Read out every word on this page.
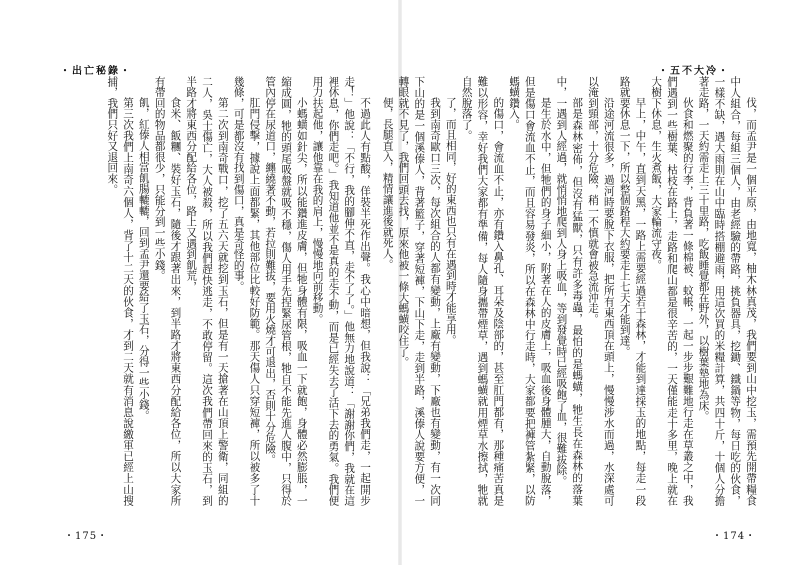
・出亡秘錄・

不過此人有點酸，佯裝半死作出聲。我心中暗想，但我說：「兄弟我們走，一起開步走！」他說：「不行，我的腳伸不直，走不了了。」他無力地說道：「謝謝你們，我就在這裡休息，你們走吧。」我知道他並不是真的走不動，而是已經失去了活下去的勇氣。我們便用力扶起他，讓他靠在我的肩上，慢慢地向前移動。

小螞蟥如針尖，所以能鑽進皮膚，但牠身體有限，吸血一下就飽，身體必然膨脹，一縮成圓，牠的頭尾吸盤就吸不穩，傷人用手先捏緊尿管根，牠自不能先進人腹中，只得於管內停在尿道口，纏繞著不動，若拉則難拔，要用火燒才可退出，否則十分危險。

肛門侵擊，據說上面都緊，其他部位比較好防範。那天傷人只穿短褲，所以被多了十幾條，可是都沒有找到傷口，真是奇怪的事。

第二次到南奇戰口，挖了五六天就挖到玉石，但是有一天搶著在山頂上警衛，同組的二人，吳士傷亡，大人被殺，所以我們趕快逃走，不敢停留。這次我們帶回來的玉石，到半路才將東西分配給各位，路上又遇到飢荒，

食米、飯糰、裝好玉石，隨後才跟著出來，到半路才將東西分配給各位，所以大家所有帶回的物品都很少，只能分到一些小錢。

飢，紅傣人相當飢腸轆轆，回到孟尹還要給了玉石，分得一些小錢。

第三次我們上南奇六個人，背了十二天的伙食，才到二天就有消息說繳軍已經上山搜捕，我們只好又退回來。

・175・
・五不大冷・

伐，而孟尹是一個平原，由地寬，柚木林真茂，我們要到山中挖玉，需預先開帶糧食中人組合，每組三個人，由老經驗的帶路，挑負器具，挖鋤、鐵鍋等物，每日吃的伙食，一樣不缺，遇大雨則在山中臨時搭棚避雨，用這次買的米糧計算，共四十斤，十個人分擔著走路，一天約需走上三十里路，吃飯睡覺都在野外，以樹葉墊地為床。

伙食和燃聚的行李，背負著一條棉被、蚊帳，一起一步步艱難地行走在草叢之中，我們遇到一些樹葉、枯枝在路上，走路和爬山都是很辛苦的，一天僅能走十多里，晚上就在大樹下休息，生火煮飯，大家輪流守夜。

早上，中午，直到天黑，一路上需要經過若干森林，才能到達採玉的地點，每走一段路就要休息一下，所以整個路程大約要走上七天才能到達。

沿途河流很多，過河時要脫下衣服，把所有東西頂在頭上，慢慢涉水而過，水深處可以淹到頸部，十分危險，稍一不慎就會被急流沖走。

部是森林密佈，但沒有猛獸，只有許多毒蟲，最怕的是螞蟥，牠生長在森林的落葉中，一遇到人經過，就悄悄地爬到人身上吸血，等到發覺時已經吸飽了血，很難拔除。

是生於水中，但牠們的身子細小，附著在人的皮膚上，吸血後身體腫大，自動脫落，但是傷口會流血不止，而且容易發炎，所以在森林中行走時，大家都要把褲管紮緊，以防螞蟥鑽入。

的傷口，會流血不止，亦有鑽入鼻孔、耳朵及陰部的，甚至肛門都有，那種痛苦真是難以形容，幸好我們大家都有準備，每人隨身攜帶煙草，遇到螞蟥就用煙草水擦拭，牠就自然脫落了。

了，而且相同，好的東西也只有在遇到時才能享用。

我到南奇歐口三次，每次組合的人都有變動，上廠有變動，下廠也有變動，有一次同下山的是一個溪傣人，背著籃子，穿著短褲，下山下走，走到半路，溪傣人說要方便，一轉眼就不見了，我們回頭去找，原來他被一條大螞蟥咬住了。

便，長腿直入，精情讓進後就死人。

・174・
